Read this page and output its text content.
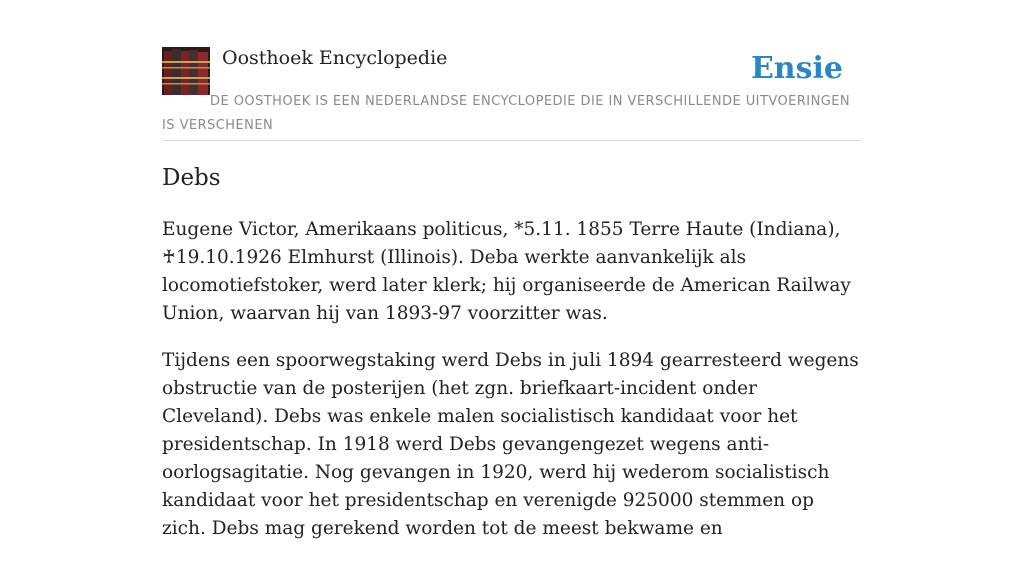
Oosthoek Encyclopedie	Ensie
DE OOSTHOEK IS EEN NEDERLANDSE ENCYCLOPEDIE DIE IN VERSCHILLENDE UITVOERINGEN IS VERSCHENEN
Debs

Eugene Victor, Amerikaans politicus, *5.11. 1855 Terre Haute (Indiana), ♰19.10.1926 Elmhurst (Illinois). Deba werkte aanvankelijk als locomotiefstoker, werd later klerk; hij organiseerde de American Railway Union, waarvan hij van 1893-97 voorzitter was.

Tijdens een spoorwegstaking werd Debs in juli 1894 gearresteerd wegens obstructie van de posterijen (het zgn. briefkaart-incident onder Cleveland). Debs was enkele malen socialistisch kandidaat voor het presidentschap. In 1918 werd Debs gevangengezet wegens anti-oorlogsagitatie. Nog gevangen in 1920, werd hij wederom socialistisch kandidaat voor het presidentschap en verenigde 925000 stemmen op zich. Debs mag gerekend worden tot de meest bekwame en
